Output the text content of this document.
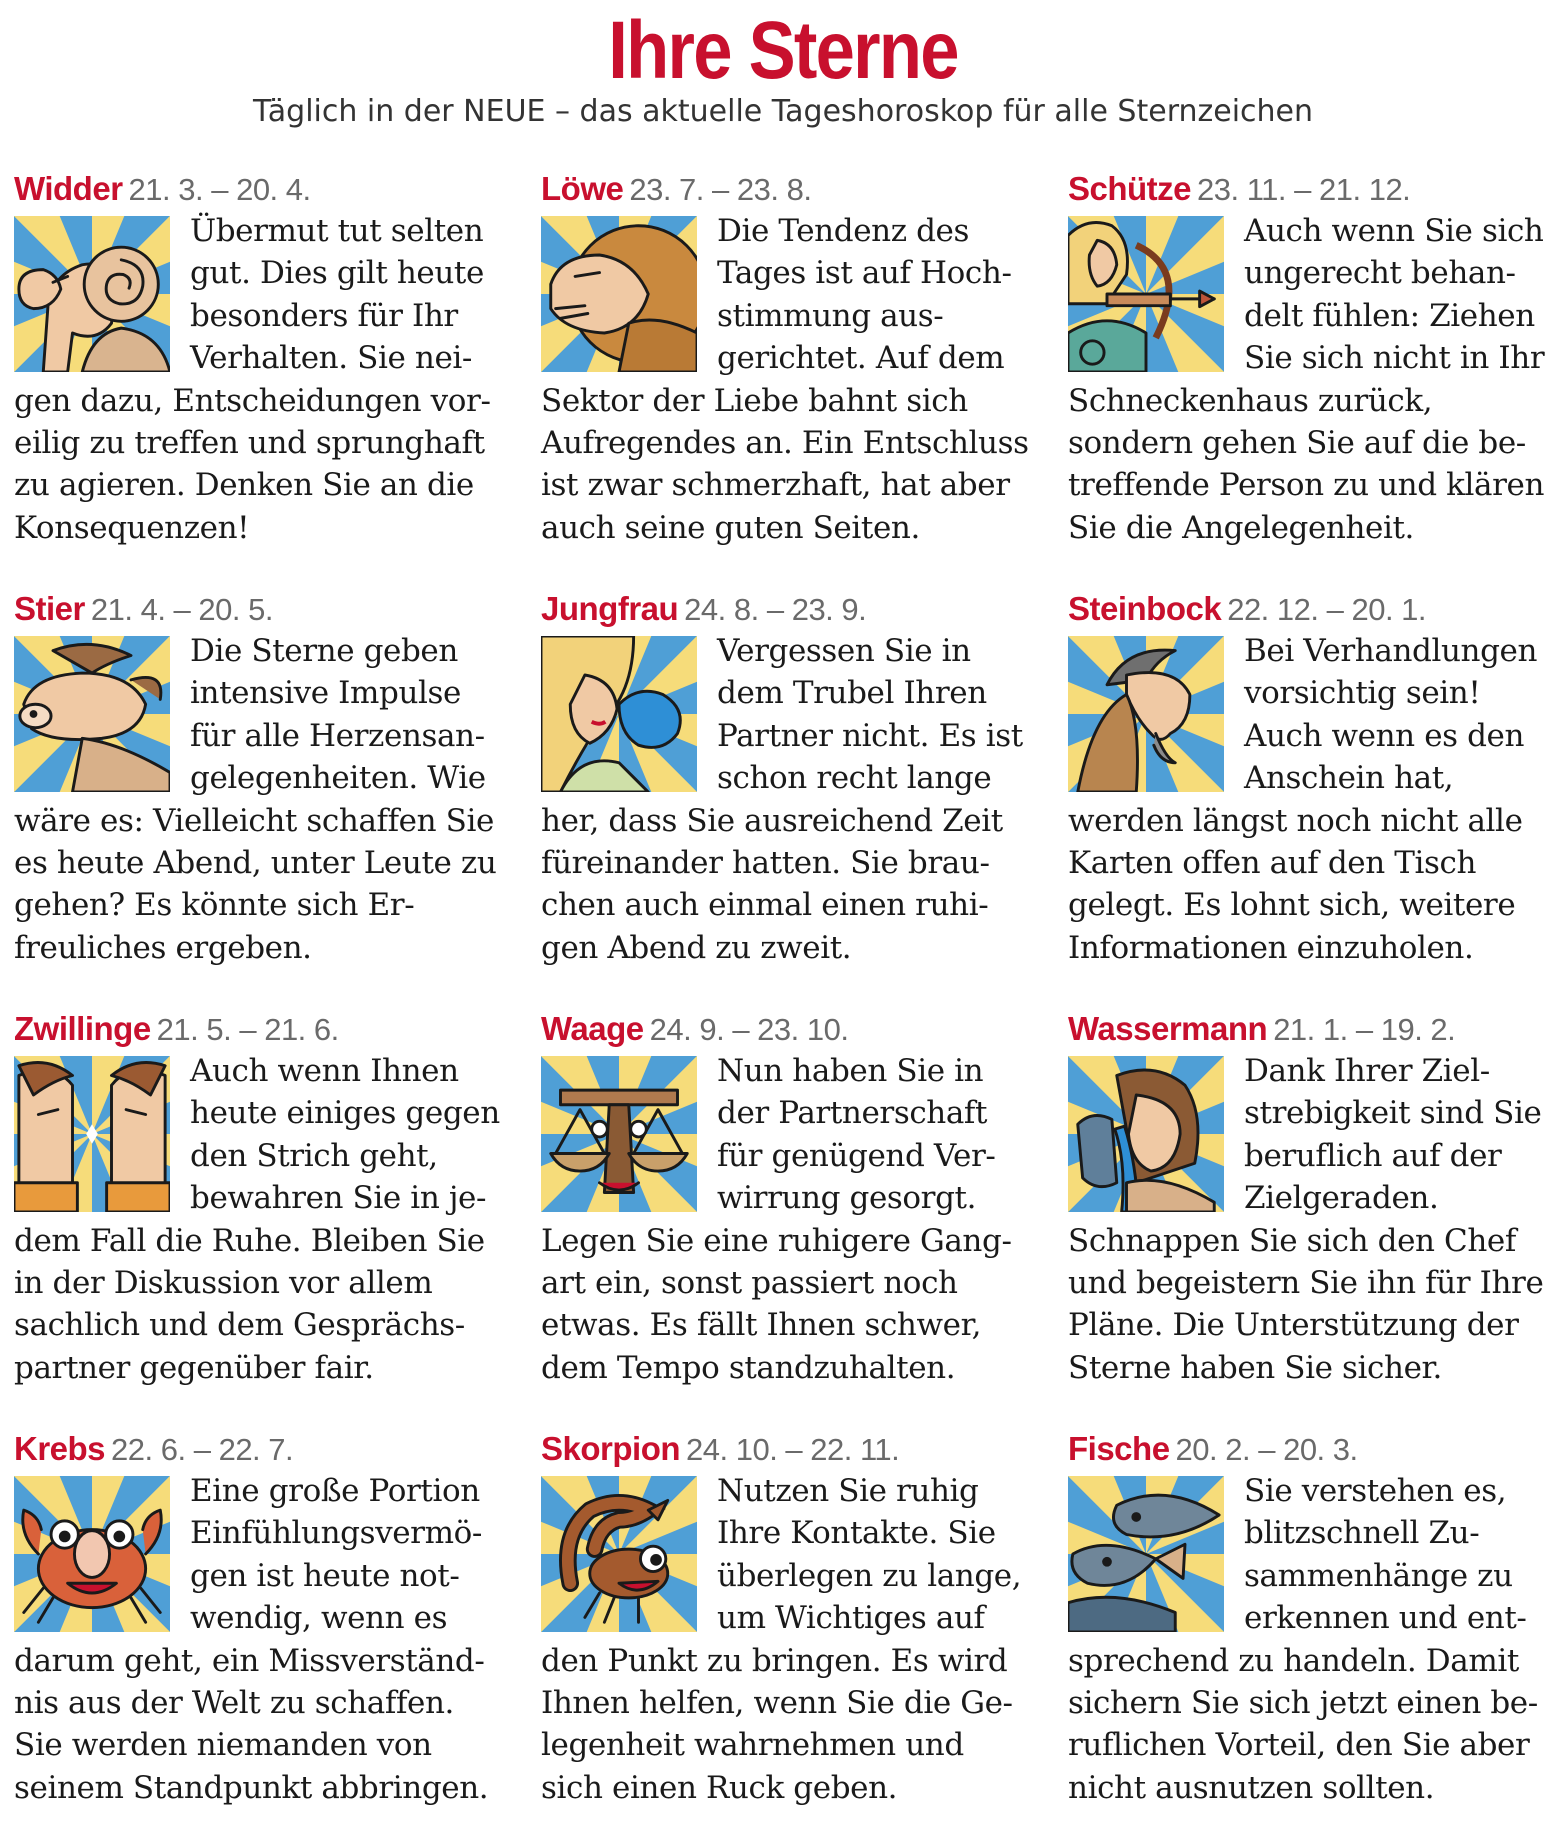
Ihre Sterne
Täglich in der NEUE – das aktuelle Tageshoroskop für alle Sternzeichen
Widder 21. 3. – 20. 4.
Übermut tut selten gut. Dies gilt heute besonders für Ihr Verhalten. Sie neigen dazu, Entscheidungen voreilig zu treffen und sprunghaft zu agieren. Denken Sie an die Konsequenzen!
Löwe 23. 7. – 23. 8.
Die Tendenz des Tages ist auf Hochstimmung ausgerichtet. Auf dem Sektor der Liebe bahnt sich Aufregendes an. Ein Entschluss ist zwar schmerzhaft, hat aber auch seine guten Seiten.
Schütze 23. 11. – 21. 12.
Auch wenn Sie sich ungerecht behandelt fühlen: Ziehen Sie sich nicht in Ihr Schneckenhaus zurück, sondern gehen Sie auf die betreffende Person zu und klären Sie die Angelegenheit.
Stier 21. 4. – 20. 5.
Die Sterne geben intensive Impulse für alle Herzensangelegenheiten. Wie wäre es: Vielleicht schaffen Sie es heute Abend, unter Leute zu gehen? Es könnte sich Erfreuliches ergeben.
Jungfrau 24. 8. – 23. 9.
Vergessen Sie in dem Trubel Ihren Partner nicht. Es ist schon recht lange her, dass Sie ausreichend Zeit füreinander hatten. Sie brauchen auch einmal einen ruhigen Abend zu zweit.
Steinbock 22. 12. – 20. 1.
Bei Verhandlungen vorsichtig sein! Auch wenn es den Anschein hat, werden längst noch nicht alle Karten offen auf den Tisch gelegt. Es lohnt sich, weitere Informationen einzuholen.
Zwillinge 21. 5. – 21. 6.
Auch wenn Ihnen heute einiges gegen den Strich geht, bewahren Sie in jedem Fall die Ruhe. Bleiben Sie in der Diskussion vor allem sachlich und dem Gesprächspartner gegenüber fair.
Waage 24. 9. – 23. 10.
Nun haben Sie in der Partnerschaft für genügend Verwirrung gesorgt. Legen Sie eine ruhigere Gangart ein, sonst passiert noch etwas. Es fällt Ihnen schwer, dem Tempo standzuhalten.
Wassermann 21. 1. – 19. 2.
Dank Ihrer Zielstrebigkeit sind Sie beruflich auf der Zielgeraden. Schnappen Sie sich den Chef und begeistern Sie ihn für Ihre Pläne. Die Unterstützung der Sterne haben Sie sicher.
Krebs 22. 6. – 22. 7.
Eine große Portion Einfühlungsvermögen ist heute notwendig, wenn es darum geht, ein Missverständnis aus der Welt zu schaffen. Sie werden niemanden von seinem Standpunkt abbringen.
Skorpion 24. 10. – 22. 11.
Nutzen Sie ruhig Ihre Kontakte. Sie überlegen zu lange, um Wichtiges auf den Punkt zu bringen. Es wird Ihnen helfen, wenn Sie die Gelegenheit wahrnehmen und sich einen Ruck geben.
Fische 20. 2. – 20. 3.
Sie verstehen es, blitzschnell Zusammenhänge zu erkennen und entsprechend zu handeln. Damit sichern Sie sich jetzt einen beruflichen Vorteil, den Sie aber nicht ausnutzen sollten.
